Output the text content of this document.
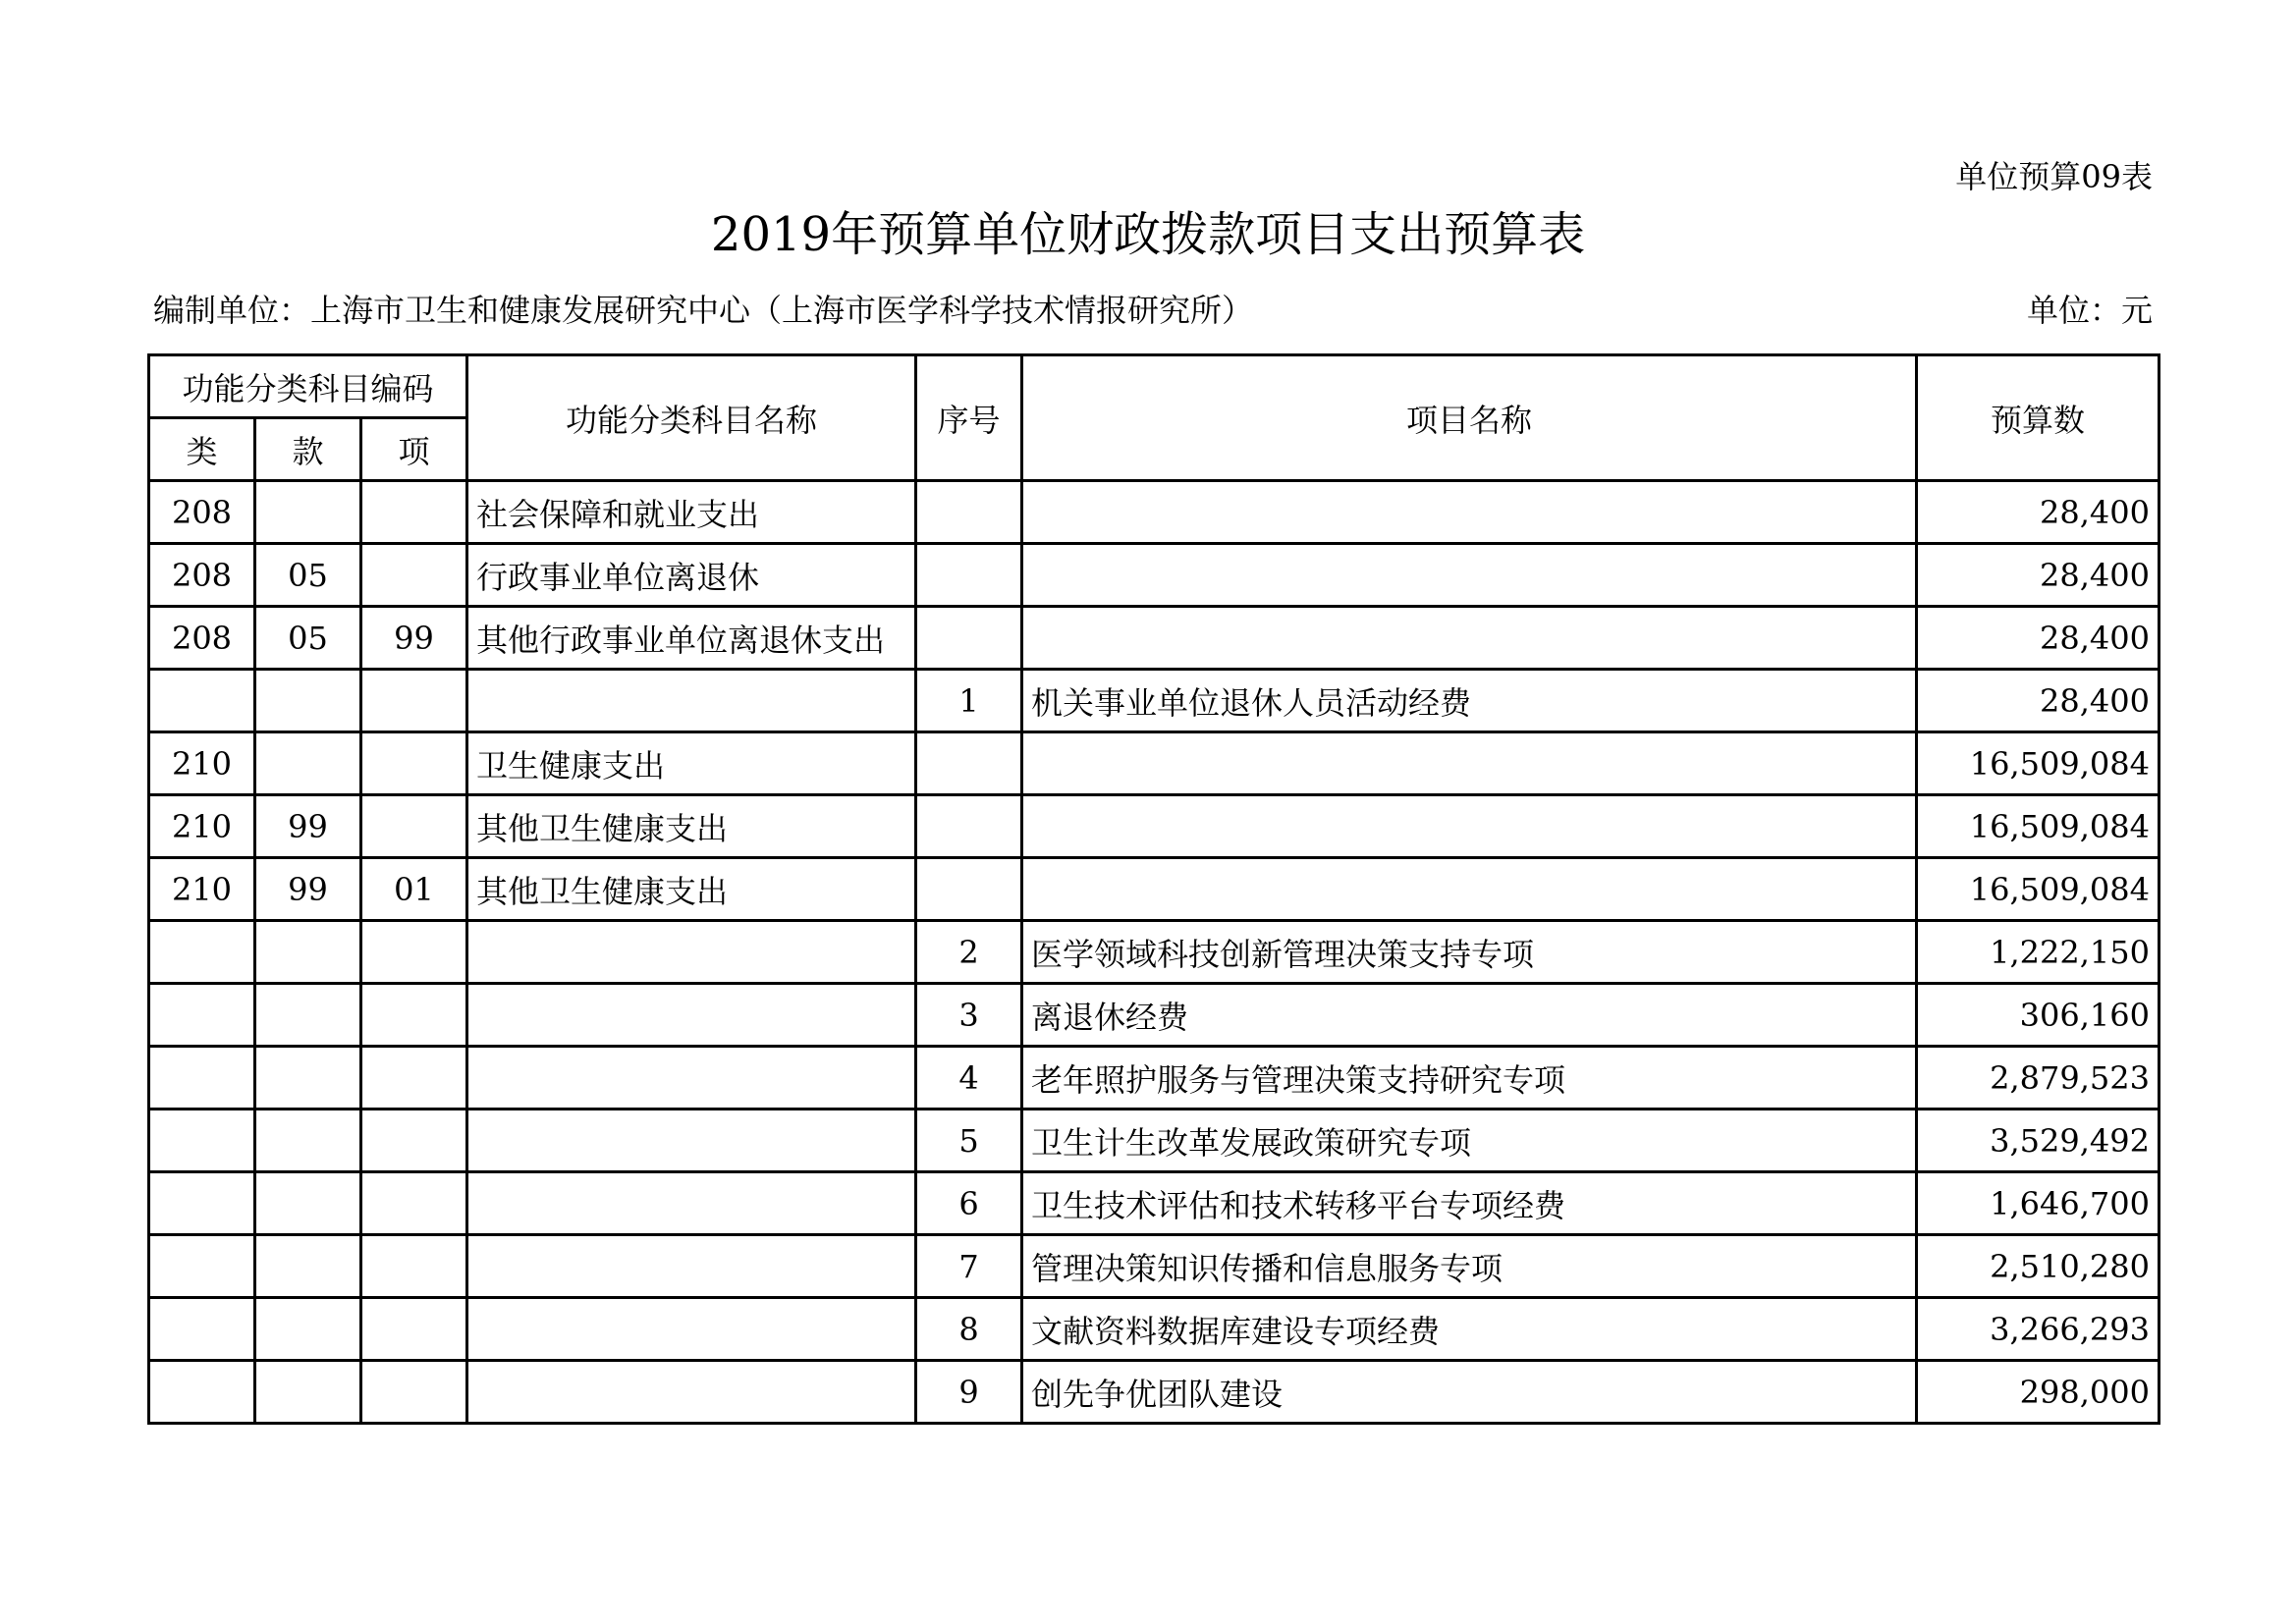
单位预算09表
2019年预算单位财政拨款项目支出预算表
编制单位：上海市卫生和健康发展研究中心（上海市医学科学技术情报研究所）	单位：元
功能分类科目编码			功能分类科目名称	序号	项目名称	预算数
类	款	项				
208			社会保障和就业支出			28,400
208	05		行政事业单位离退休			28,400
208	05	99	其他行政事业单位离退休支出			28,400
				1	机关事业单位退休人员活动经费	28,400
210			卫生健康支出			16,509,084
210	99		其他卫生健康支出			16,509,084
210	99	01	其他卫生健康支出			16,509,084
				2	医学领域科技创新管理决策支持专项	1,222,150
				3	离退休经费	306,160
				4	老年照护服务与管理决策支持研究专项	2,879,523
				5	卫生计生改革发展政策研究专项	3,529,492
				6	卫生技术评估和技术转移平台专项经费	1,646,700
				7	管理决策知识传播和信息服务专项	2,510,280
				8	文献资料数据库建设专项经费	3,266,293
				9	创先争优团队建设	298,000
